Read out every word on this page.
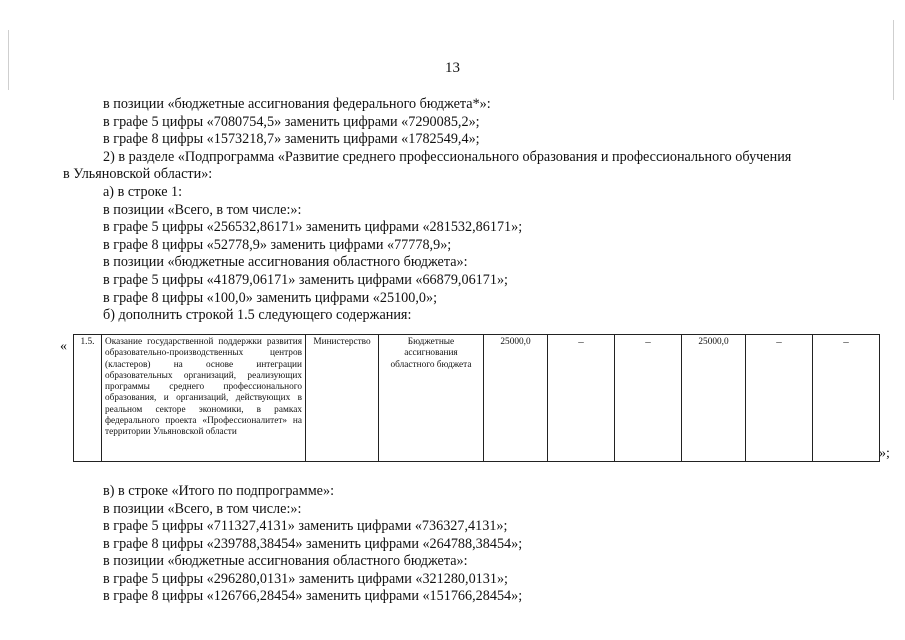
13
в позиции «бюджетные ассигнования федерального бюджета*»:
в графе 5 цифры «7080754,5» заменить цифрами «7290085,2»;
в графе 8 цифры «1573218,7» заменить цифрами «1782549,4»;
2) в разделе «Подпрограмма «Развитие среднего профессионального образования и профессионального обучения
в Ульяновской области»:
а) в строке 1:
в позиции «Всего, в том числе:»:
в графе 5 цифры «256532,86171» заменить цифрами «281532,86171»;
в графе 8 цифры «52778,9» заменить цифрами «77778,9»;
в позиции «бюджетные ассигнования областного бюджета»:
в графе 5 цифры «41879,06171» заменить цифрами «66879,06171»;
в графе 8 цифры «100,0» заменить цифрами «25100,0»;
б) дополнить строкой 1.5 следующего содержания:
« 1.5.	Оказание государственной поддержки развития образовательно-производственных центров (кластеров) на основе интеграции образовательных организаций, реализующих программы среднего профессионального образования, и организаций, действующих в реальном секторе экономики, в рамках федерального проекта «Профессионалитет» на территории Ульяновской области	Министерство	Бюджетные ассигнования областного бюджета	25000,0	–	–	25000,0	–	–
»;
в) в строке «Итого по подпрограмме»:
в позиции «Всего, в том числе:»:
в графе 5 цифры «711327,4131» заменить цифрами «736327,4131»;
в графе 8 цифры «239788,38454» заменить цифрами «264788,38454»;
в позиции «бюджетные ассигнования областного бюджета»:
в графе 5 цифры «296280,0131» заменить цифрами «321280,0131»;
в графе 8 цифры «126766,28454» заменить цифрами «151766,28454»;
